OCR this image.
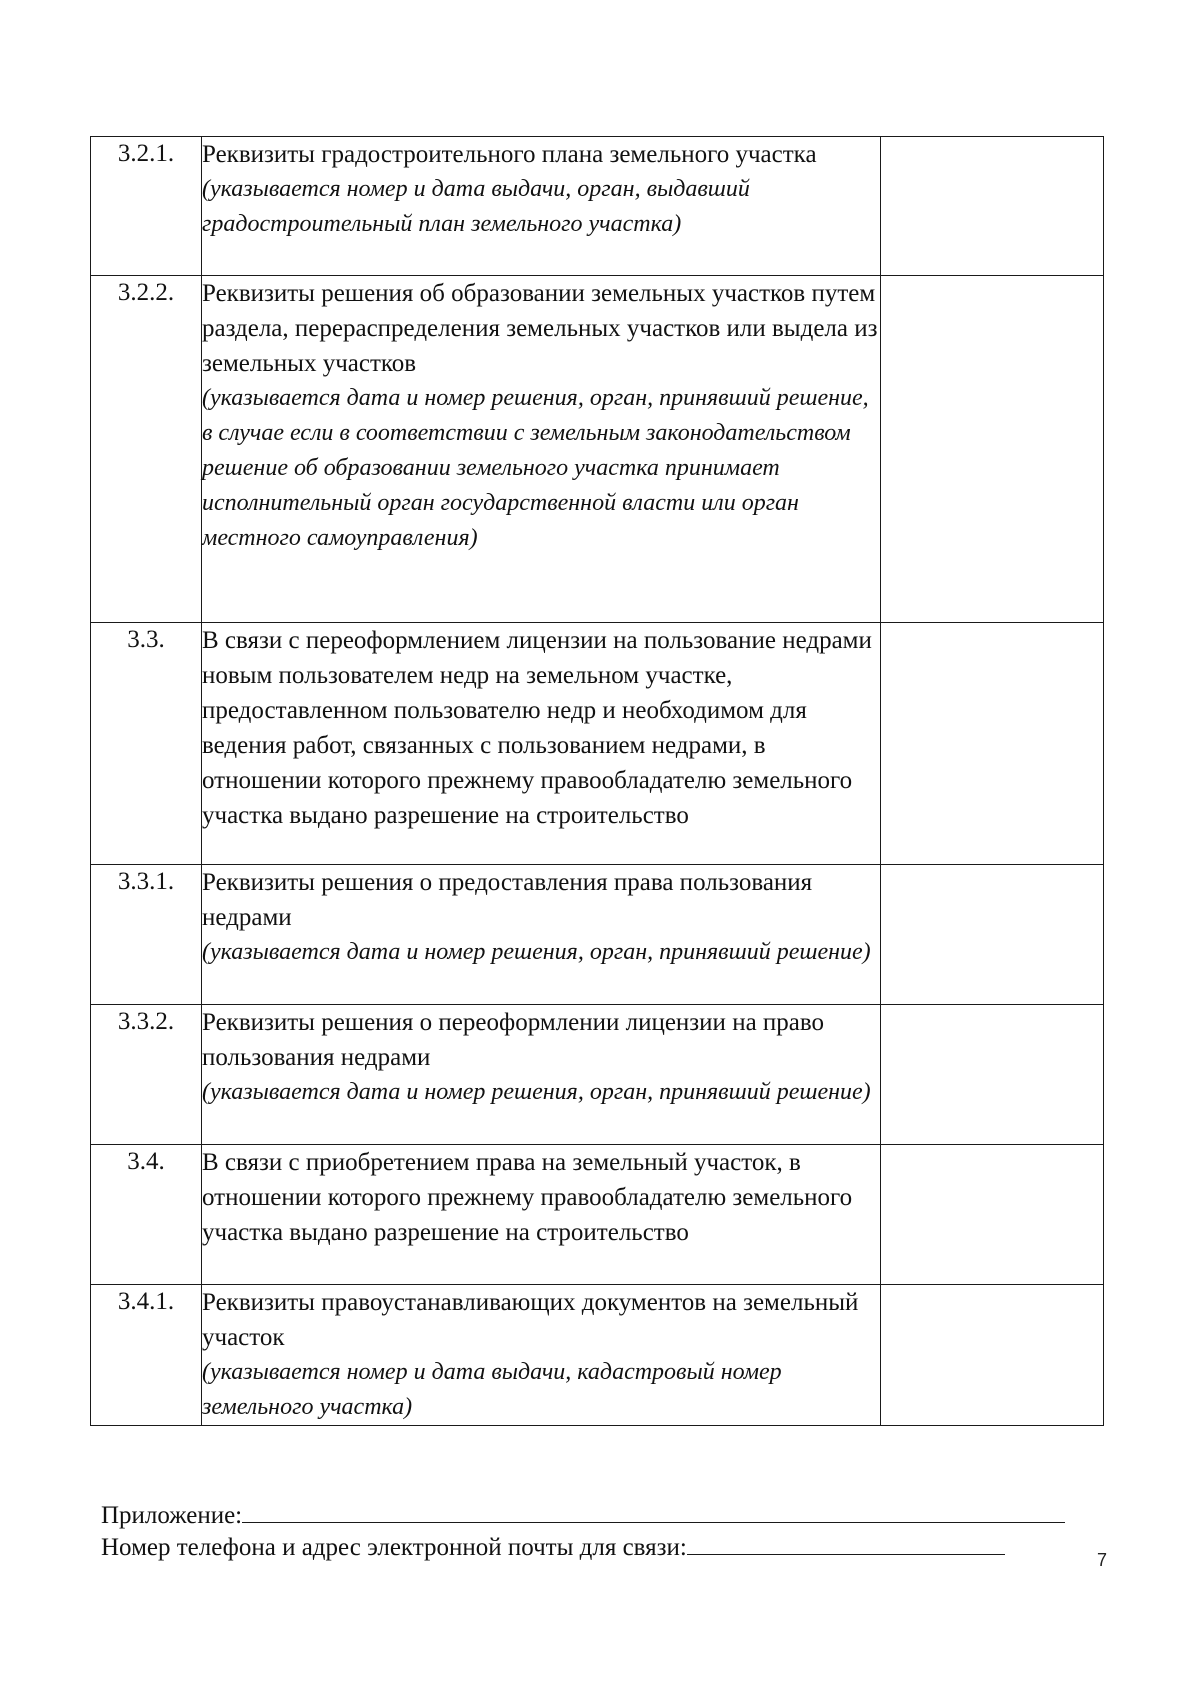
3.2.1.	Реквизиты градостроительного плана земельного участка
(указывается номер и дата выдачи, орган, выдавший градостроительный план земельного участка)	

3.2.2.	Реквизиты решения об образовании земельных участков путем раздела, перераспределения земельных участков или выдела из земельных участков
(указывается дата и номер решения, орган, принявший решение, в случае если в соответствии с земельным законодательством решение об образовании земельного участка принимает исполнительный орган государственной власти или орган местного самоуправления)	

3.3.	В связи с переоформлением лицензии на пользование недрами новым пользователем недр на земельном участке, предоставленном пользователю недр и необходимом для ведения работ, связанных с пользованием недрами, в отношении которого прежнему правообладателю земельного участка выдано разрешение на строительство	

3.3.1.	Реквизиты решения о предоставления права пользования недрами
(указывается дата и номер решения, орган, принявший решение)	

3.3.2.	Реквизиты решения о переоформлении лицензии на право пользования недрами
(указывается дата и номер решения, орган, принявший решение)	

3.4.	В связи с приобретением права на земельный участок, в отношении которого прежнему правообладателю земельного участка выдано разрешение на строительство	

3.4.1.	Реквизиты правоустанавливающих документов на земельный участок
(указывается номер и дата выдачи, кадастровый номер земельного участка)	

Приложение:
Номер телефона и адрес электронной почты для связи:	7
